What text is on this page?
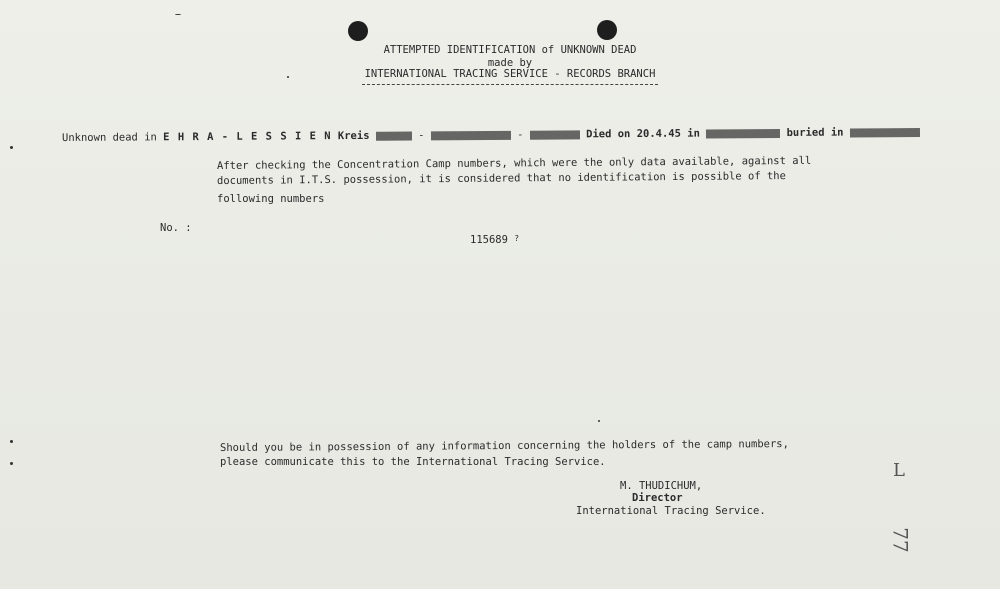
ATTEMPTED IDENTIFICATION of UNKNOWN DEAD
made by
INTERNATIONAL TRACING SERVICE - RECORDS BRANCH
Unknown dead in E H R A - L E S S I E N Kreis	-	-	Died on 20.4.45 in	buried in
After checking the Concentration Camp numbers, which were the only data available, against all
documents in I.T.S. possession, it is considered that no identification is possible of the
following numbers
No. :
115689 ?
Should you be in possession of any information concerning the holders of the camp numbers,
please communicate this to the International Tracing Service.
M. THUDICHUM,
Director
International Tracing Service.
L
77
